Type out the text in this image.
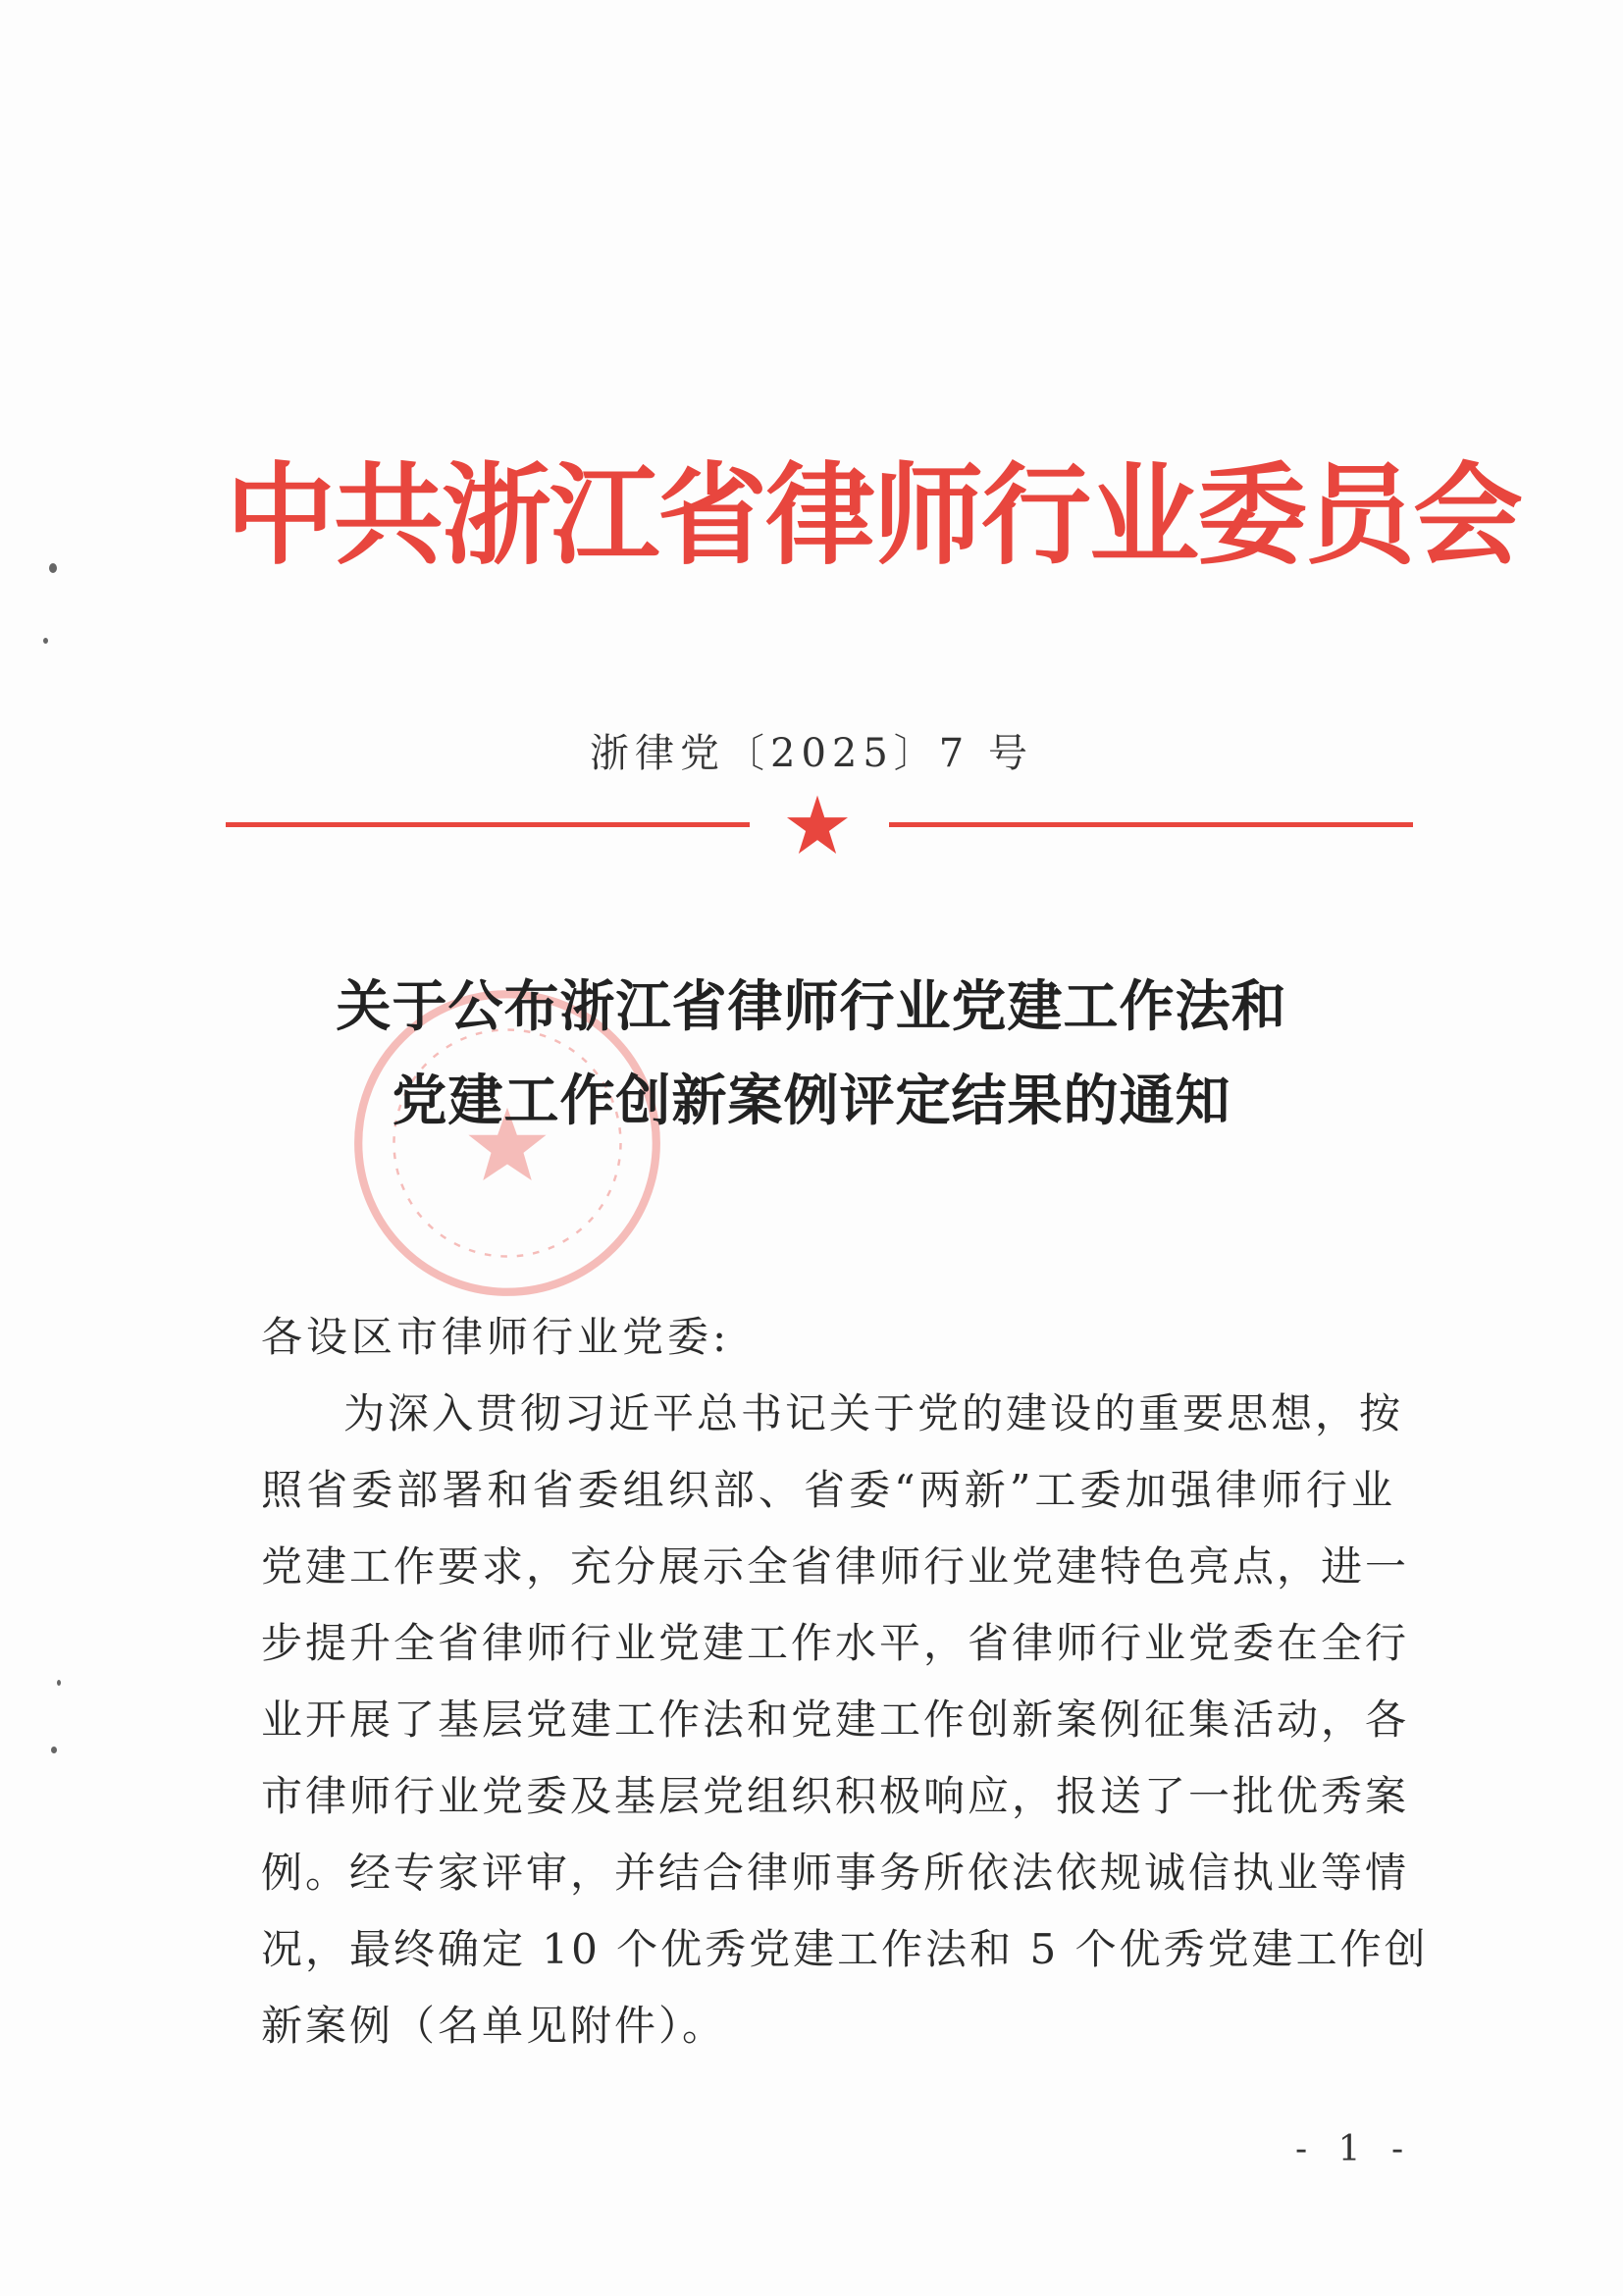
中共浙江省律师行业委员会
浙律党〔2025〕7 号
关于公布浙江省律师行业党建工作法和
党建工作创新案例评定结果的通知
各设区市律师行业党委:
为深入贯彻习近平总书记关于党的建设的重要思想，按
照省委部署和省委组织部、省委“两新”工委加强律师行业
党建工作要求，充分展示全省律师行业党建特色亮点，进一
步提升全省律师行业党建工作水平，省律师行业党委在全行
业开展了基层党建工作法和党建工作创新案例征集活动，各
市律师行业党委及基层党组织积极响应，报送了一批优秀案
例。经专家评审，并结合律师事务所依法依规诚信执业等情
况，最终确定 10 个优秀党建工作法和 5 个优秀党建工作创
新案例（名单见附件）。
- 1 -
